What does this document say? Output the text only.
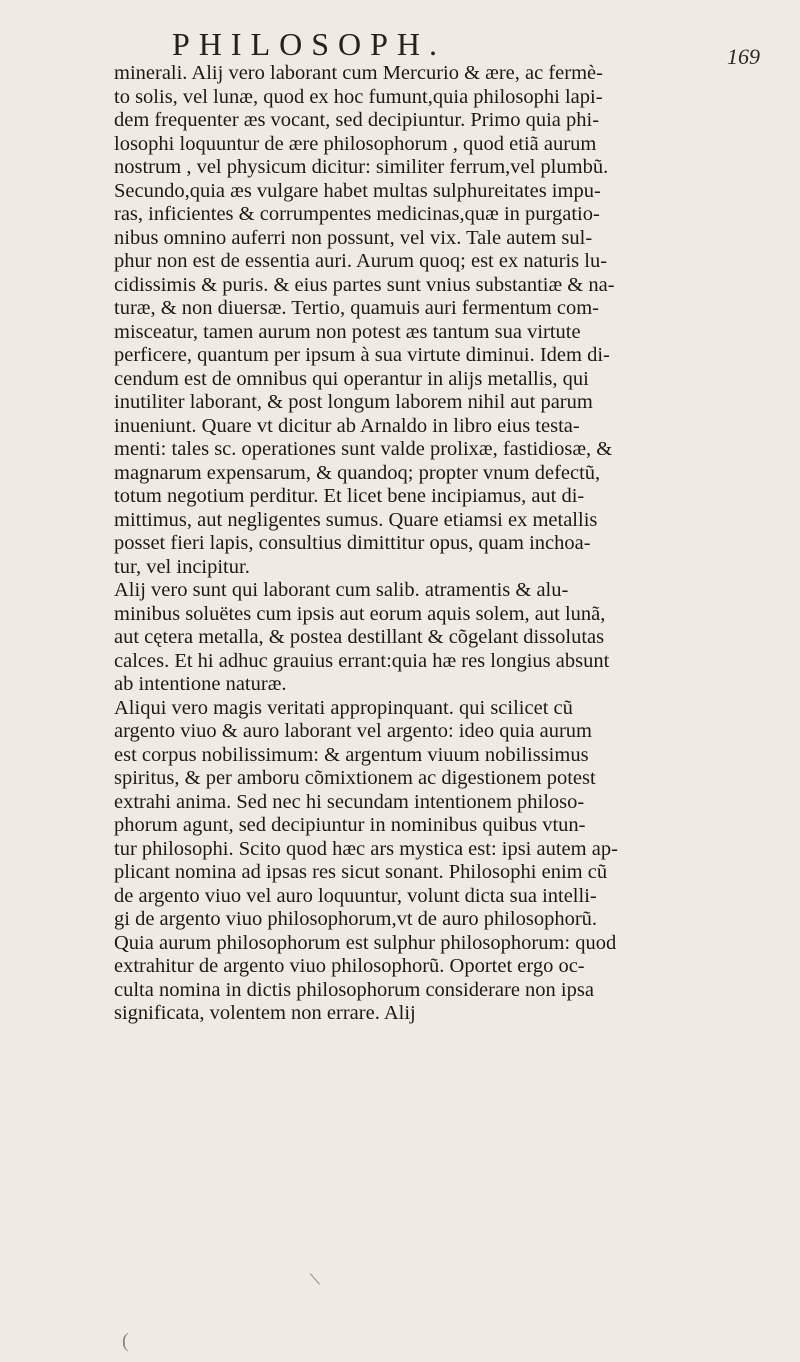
PHILOSOPH.	169
minerali. Alij vero laborant cum Mercurio & ære, ac fermè-
to solis, vel lunæ, quod ex hoc fumunt,quia philosophi lapi-
dem frequenter æs vocant, sed decipiuntur. Primo quia phi-
losophi loquuntur de ære philosophorum , quod etiã aurum
nostrum , vel physicum dicitur: similiter ferrum,vel plumbũ.
Secundo,quia æs vulgare habet multas sulphureitates impu-
ras, inficientes & corrumpentes medicinas,quæ in purgatio-
nibus omnino auferri non possunt, vel vix. Tale autem sul-
phur non est de essentia auri. Aurum quoq; est ex naturis lu-
cidissimis & puris. & eius partes sunt vnius substantiæ & na-
turæ, & non diuersæ. Tertio, quamuis auri fermentum com-
misceatur, tamen aurum non potest æs tantum sua virtute
perficere, quantum per ipsum à sua virtute diminui. Idem di-
cendum est de omnibus qui operantur in alijs metallis, qui
inutiliter laborant, & post longum laborem nihil aut parum
inueniunt. Quare vt dicitur ab Arnaldo in libro eius testa-
menti: tales sc. operationes sunt valde prolixæ, fastidiosæ, &
magnarum expensarum, & quandoq; propter vnum defectũ,
totum negotium perditur. Et licet bene incipiamus, aut di-
mittimus, aut negligentes sumus. Quare etiamsi ex metallis
posset fieri lapis, consultius dimittitur opus, quam inchoa-
tur, vel incipitur.
Alij vero sunt qui laborant cum salib. atramentis & alu-
minibus soluëtes cum ipsis aut eorum aquis solem, aut lunã,
aut cętera metalla, & postea destillant & cõgelant dissolutas
calces. Et hi adhuc grauius errant:quia hæ res longius absunt
ab intentione naturæ.
Aliqui vero magis veritati appropinquant. qui scilicet cũ
argento viuo & auro laborant vel argento: ideo quia aurum
est corpus nobilissimum: & argentum viuum nobilissimus
spiritus, & per amboru cõmixtionem ac digestionem potest
extrahi anima. Sed nec hi secundam intentionem philoso-
phorum agunt, sed decipiuntur in nominibus quibus vtun-
tur philosophi. Scito quod hæc ars mystica est: ipsi autem ap-
plicant nomina ad ipsas res sicut sonant. Philosophi enim cũ
de argento viuo vel auro loquuntur, volunt dicta sua intelli-
gi de argento viuo philosophorum,vt de auro philosophorũ.
Quia aurum philosophorum est sulphur philosophorum: quod
extrahitur de argento viuo philosophorũ. Oportet ergo oc-
culta nomina in dictis philosophorum considerare non ipsa
significata, volentem non errare. Alij
/
(
